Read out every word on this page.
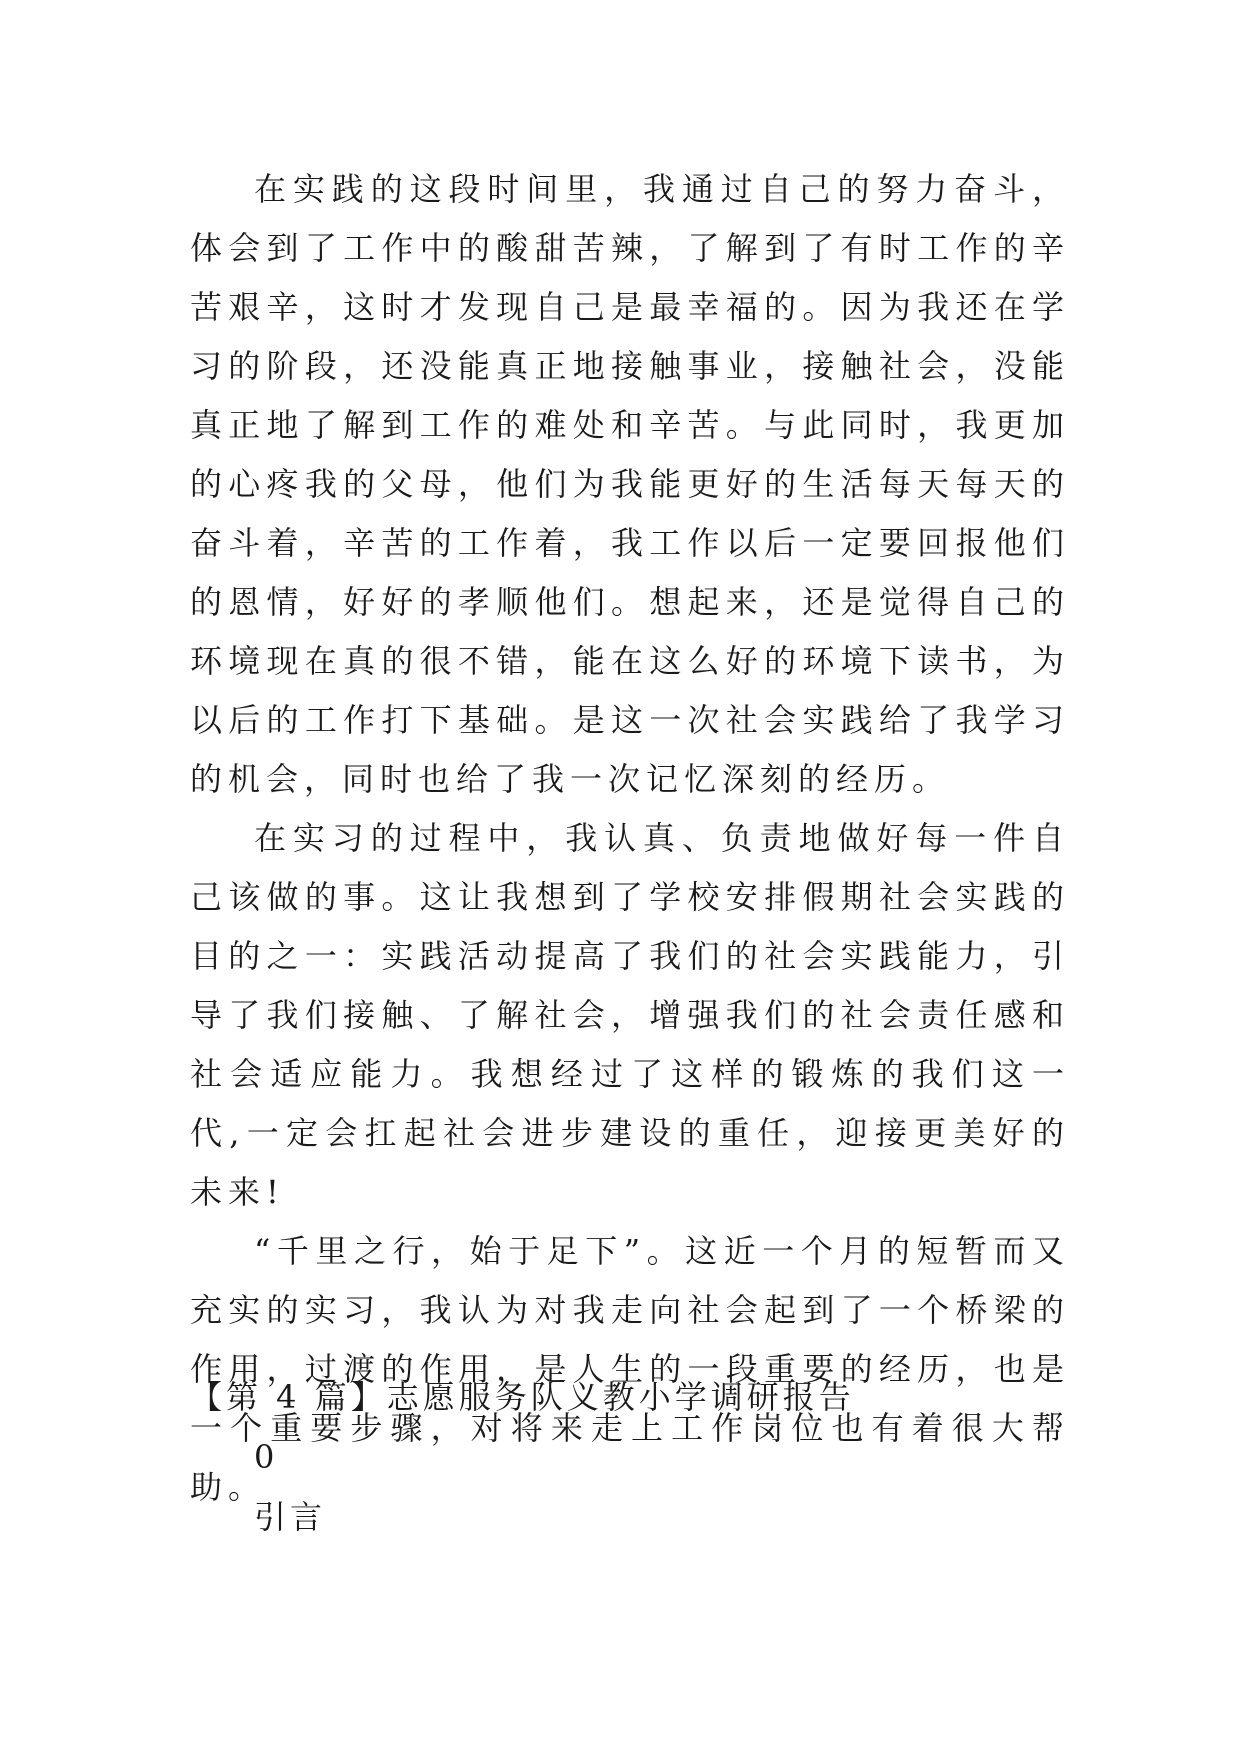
在实践的这段时间里，我通过自己的努力奋斗，体会到了工作中的酸甜苦辣，了解到了有时工作的辛苦艰辛，这时才发现自己是最幸福的。因为我还在学习的阶段，还没能真正地接触事业，接触社会，没能真正地了解到工作的难处和辛苦。与此同时，我更加的心疼我的父母，他们为我能更好的生活每天每天的奋斗着，辛苦的工作着，我工作以后一定要回报他们的恩情，好好的孝顺他们。想起来，还是觉得自己的环境现在真的很不错，能在这么好的环境下读书，为以后的工作打下基础。是这一次社会实践给了我学习的机会，同时也给了我一次记忆深刻的经历。

在实习的过程中，我认真、负责地做好每一件自己该做的事。这让我想到了学校安排假期社会实践的目的之一：实践活动提高了我们的社会实践能力，引导了我们接触、了解社会，增强我们的社会责任感和社会适应能力。我想经过了这样的锻炼的我们这一代,一定会扛起社会进步建设的重任，迎接更美好的未来!

“千里之行，始于足下”。这近一个月的短暂而又充实的实习，我认为对我走向社会起到了一个桥梁的作用，过渡的作用，是人生的一段重要的经历，也是一个重要步骤，对将来走上工作岗位也有着很大帮助。

【第 4 篇】志愿服务队义教小学调研报告

0

引言
